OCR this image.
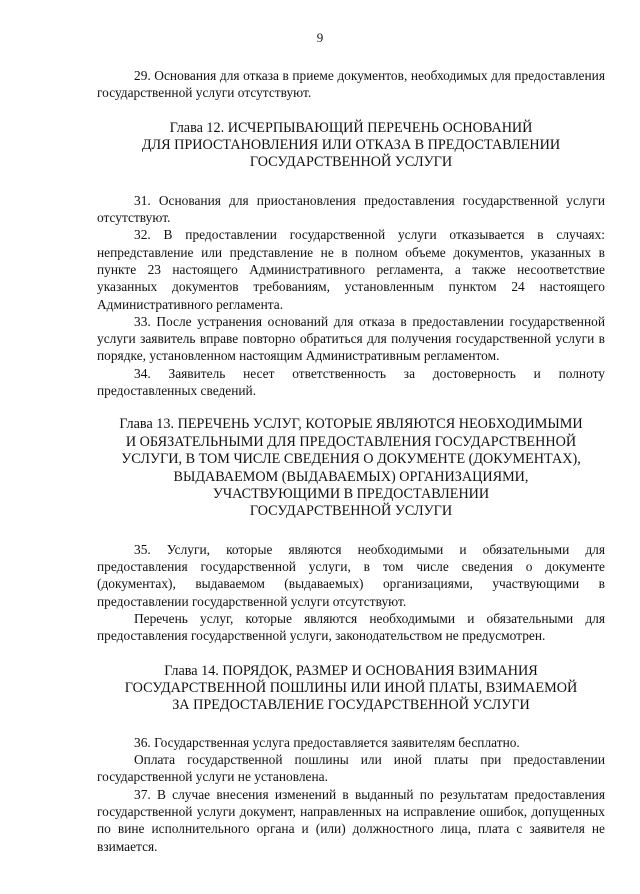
9

29. Основания для отказа в приеме документов, необходимых для предоставления государственной услуги отсутствуют.

Глава 12. ИСЧЕРПЫВАЮЩИЙ ПЕРЕЧЕНЬ ОСНОВАНИЙ
ДЛЯ ПРИОСТАНОВЛЕНИЯ ИЛИ ОТКАЗА В ПРЕДОСТАВЛЕНИИ
ГОСУДАРСТВЕННОЙ УСЛУГИ

31. Основания для приостановления предоставления государственной услуги отсутствуют.

32. В предоставлении государственной услуги отказывается в случаях: непредставление или представление не в полном объеме документов, указанных в пункте 23 настоящего Административного регламента, а также несоответствие указанных документов требованиям, установленным пунктом 24 настоящего Административного регламента.

33. После устранения оснований для отказа в предоставлении государственной услуги заявитель вправе повторно обратиться для получения государственной услуги в порядке, установленном настоящим Административным регламентом.

34. Заявитель несет ответственность за достоверность и полноту предоставленных сведений.

Глава 13. ПЕРЕЧЕНЬ УСЛУГ, КОТОРЫЕ ЯВЛЯЮТСЯ НЕОБХОДИМЫМИ
И ОБЯЗАТЕЛЬНЫМИ ДЛЯ ПРЕДОСТАВЛЕНИЯ ГОСУДАРСТВЕННОЙ
УСЛУГИ, В ТОМ ЧИСЛЕ СВЕДЕНИЯ О ДОКУМЕНТЕ (ДОКУМЕНТАХ),
ВЫДАВАЕМОМ (ВЫДАВАЕМЫХ) ОРГАНИЗАЦИЯМИ,
УЧАСТВУЮЩИМИ В ПРЕДОСТАВЛЕНИИ
ГОСУДАРСТВЕННОЙ УСЛУГИ

35. Услуги, которые являются необходимыми и обязательными для предоставления государственной услуги, в том числе сведения о документе (документах), выдаваемом (выдаваемых) организациями, участвующими в предоставлении государственной услуги отсутствуют.

Перечень услуг, которые являются необходимыми и обязательными для предоставления государственной услуги, законодательством не предусмотрен.

Глава 14. ПОРЯДОК, РАЗМЕР И ОСНОВАНИЯ ВЗИМАНИЯ
ГОСУДАРСТВЕННОЙ ПОШЛИНЫ ИЛИ ИНОЙ ПЛАТЫ, ВЗИМАЕМОЙ
ЗА ПРЕДОСТАВЛЕНИЕ ГОСУДАРСТВЕННОЙ УСЛУГИ

36. Государственная услуга предоставляется заявителям бесплатно.

Оплата государственной пошлины или иной платы при предоставлении государственной услуги не установлена.

37. В случае внесения изменений в выданный по результатам предоставления государственной услуги документ, направленных на исправление ошибок, допущенных по вине исполнительного органа и (или) должностного лица, плата с заявителя не взимается.
